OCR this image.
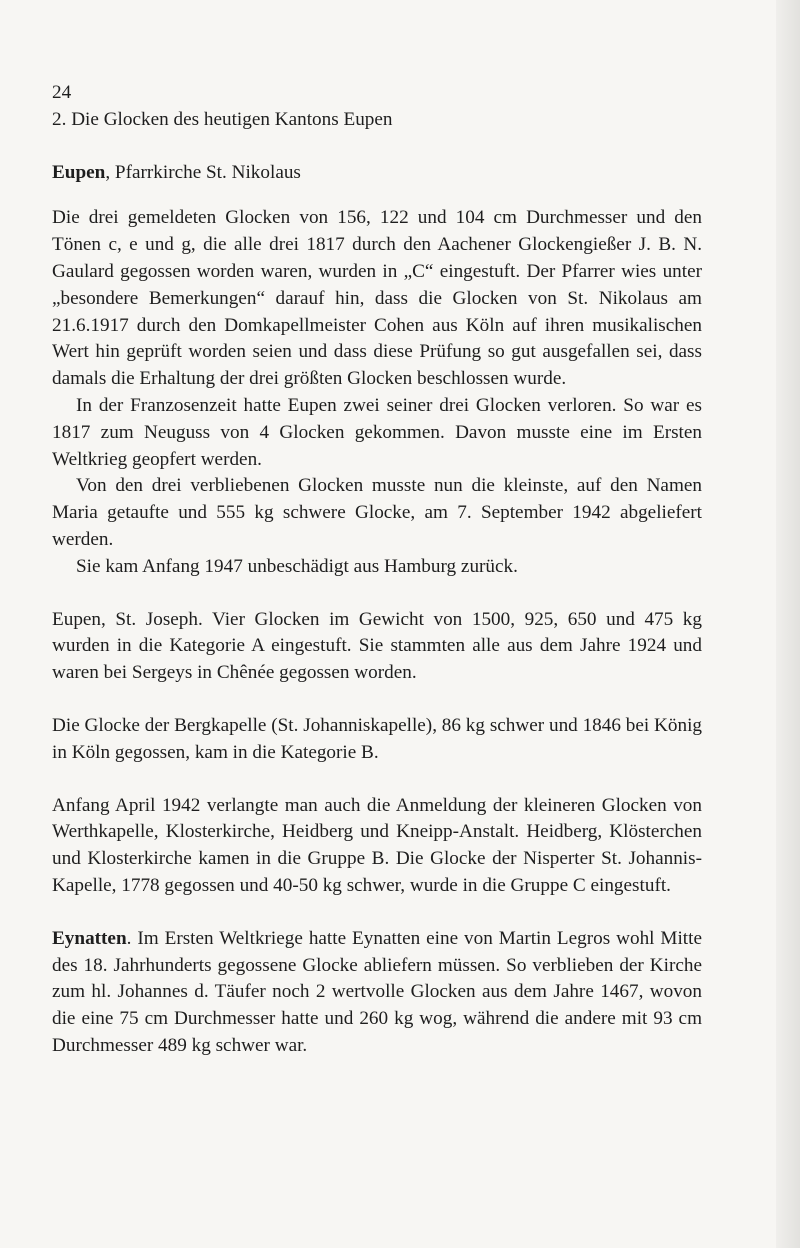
24
2. Die Glocken des heutigen Kantons Eupen
Eupen, Pfarrkirche St. Nikolaus

Die drei gemeldeten Glocken von 156, 122 und 104 cm Durchmesser und den Tönen c, e und g, die alle drei 1817 durch den Aachener Glockengießer J. B. N. Gaulard gegossen worden waren, wurden in „C“ eingestuft. Der Pfarrer wies unter „besondere Bemerkungen“ darauf hin, dass die Glocken von St. Nikolaus am 21.6.1917 durch den Domkapellmeister Cohen aus Köln auf ihren musikalischen Wert hin geprüft worden seien und dass diese Prüfung so gut ausgefallen sei, dass damals die Erhaltung der drei größten Glocken beschlossen wurde.

In der Franzosenzeit hatte Eupen zwei seiner drei Glocken verloren. So war es 1817 zum Neuguss von 4 Glocken gekommen. Davon musste eine im Ersten Weltkrieg geopfert werden.

Von den drei verbliebenen Glocken musste nun die kleinste, auf den Namen Maria getaufte und 555 kg schwere Glocke, am 7. September 1942 abgeliefert werden.

Sie kam Anfang 1947 unbeschädigt aus Hamburg zurück.

Eupen, St. Joseph. Vier Glocken im Gewicht von 1500, 925, 650 und 475 kg wurden in die Kategorie A eingestuft. Sie stammten alle aus dem Jahre 1924 und waren bei Sergeys in Chênée gegossen worden.

Die Glocke der Bergkapelle (St. Johanniskapelle), 86 kg schwer und 1846 bei König in Köln gegossen, kam in die Kategorie B.

Anfang April 1942 verlangte man auch die Anmeldung der kleineren Glocken von Werthkapelle, Klosterkirche, Heidberg und Kneipp-Anstalt. Heidberg, Klösterchen und Klosterkirche kamen in die Gruppe B. Die Glocke der Nisperter St. Johannis-Kapelle, 1778 gegossen und 40-50 kg schwer, wurde in die Gruppe C eingestuft.

Eynatten. Im Ersten Weltkriege hatte Eynatten eine von Martin Legros wohl Mitte des 18. Jahrhunderts gegossene Glocke abliefern müssen. So verblieben der Kirche zum hl. Johannes d. Täufer noch 2 wertvolle Glocken aus dem Jahre 1467, wovon die eine 75 cm Durchmesser hatte und 260 kg wog, während die andere mit 93 cm Durchmesser 489 kg schwer war.
